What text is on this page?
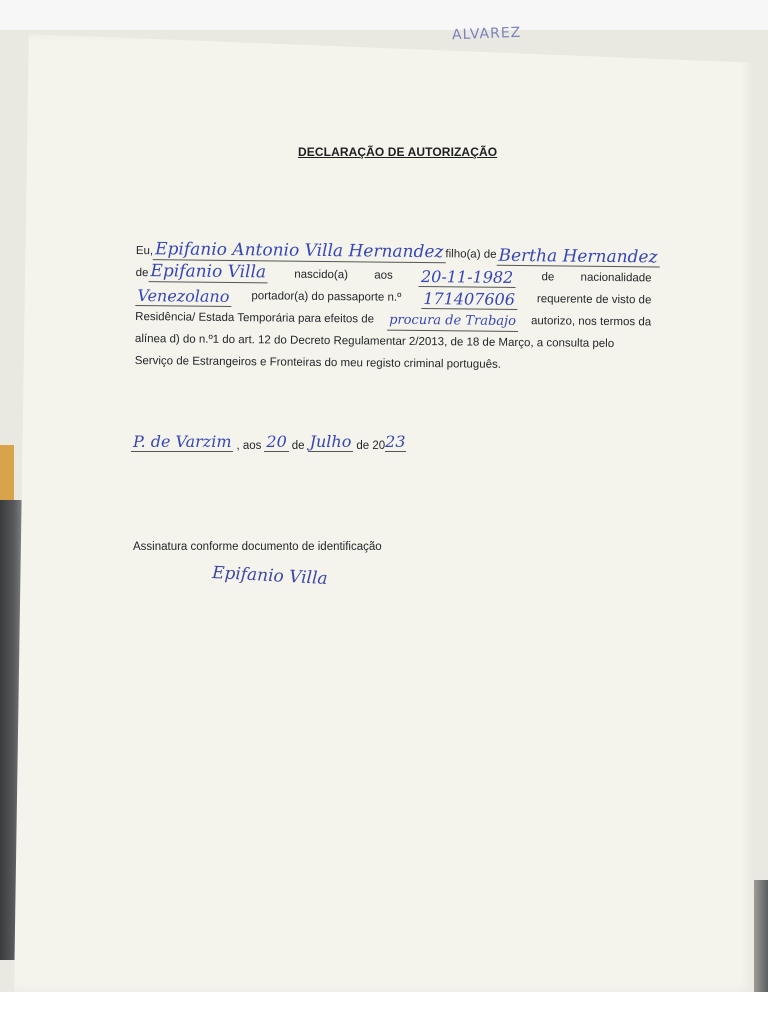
ALVAREZ
DECLARAÇÃO DE AUTORIZAÇÃO
Eu, Epifanio Antonio Villa Hernandez filho(a) de Bertha Hernandez
de Epifanio Villa nascido(a) aos 20-11-1982 de nacionalidade
Venezolano portador(a) do passaporte n.º 171407606 requerente de visto de
Residência/ Estada Temporária para efeitos de procura de Trabajo autorizo, nos termos da
alínea d) do n.º1 do art. 12 do Decreto Regulamentar 2/2013, de 18 de Março, a consulta pelo
Serviço de Estrangeiros e Fronteiras do meu registo criminal português.
P. de Varzim , aos 20 de Julho de 20 23
Assinatura conforme documento de identificação
Epifanio Villa
